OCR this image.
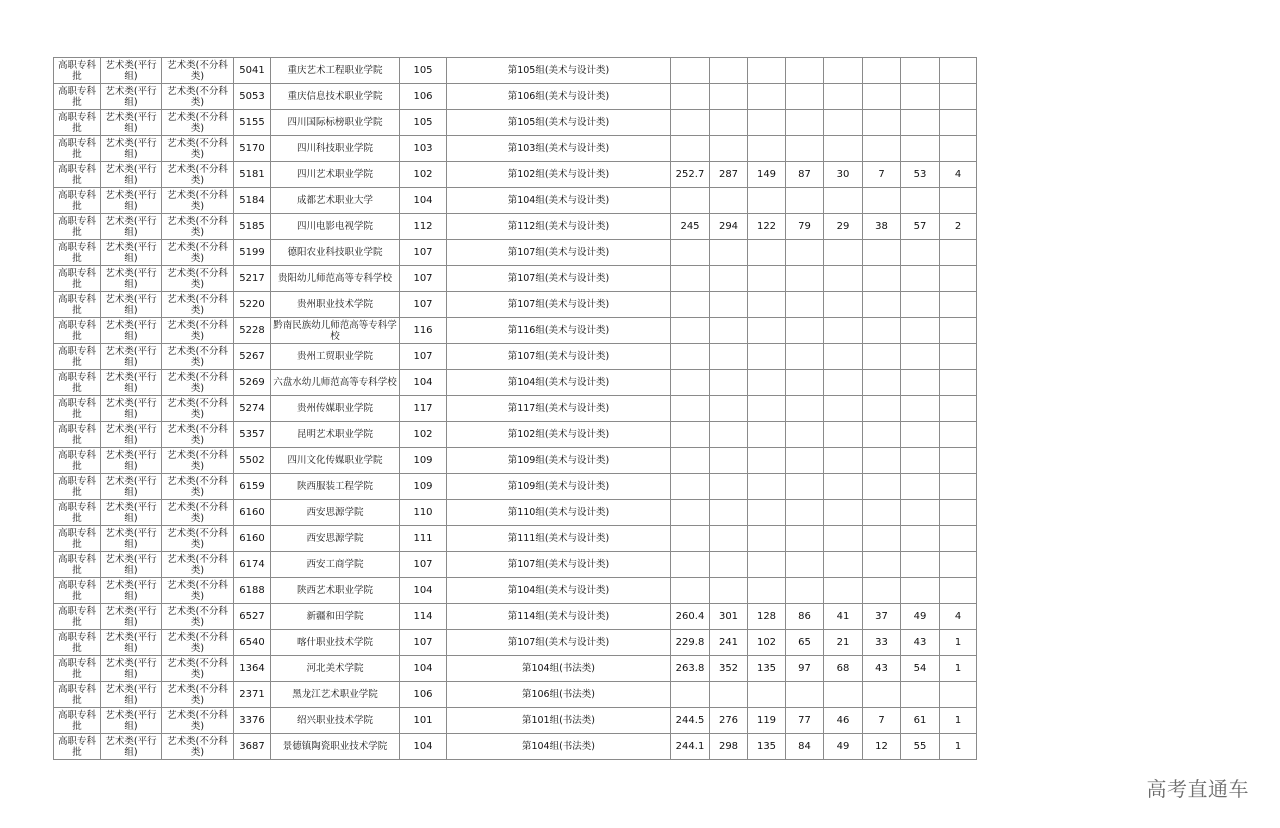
高职专科批	艺术类(平行组)	艺术类(不分科类)	5041	重庆艺术工程职业学院	105	第105组(美术与设计类)								
高职专科批	艺术类(平行组)	艺术类(不分科类)	5053	重庆信息技术职业学院	106	第106组(美术与设计类)								
高职专科批	艺术类(平行组)	艺术类(不分科类)	5155	四川国际标榜职业学院	105	第105组(美术与设计类)								
高职专科批	艺术类(平行组)	艺术类(不分科类)	5170	四川科技职业学院	103	第103组(美术与设计类)								
高职专科批	艺术类(平行组)	艺术类(不分科类)	5181	四川艺术职业学院	102	第102组(美术与设计类)	252.7	287	149	87	30	7	53	4
高职专科批	艺术类(平行组)	艺术类(不分科类)	5184	成都艺术职业大学	104	第104组(美术与设计类)								
高职专科批	艺术类(平行组)	艺术类(不分科类)	5185	四川电影电视学院	112	第112组(美术与设计类)	245	294	122	79	29	38	57	2
高职专科批	艺术类(平行组)	艺术类(不分科类)	5199	德阳农业科技职业学院	107	第107组(美术与设计类)								
高职专科批	艺术类(平行组)	艺术类(不分科类)	5217	贵阳幼儿师范高等专科学校	107	第107组(美术与设计类)								
高职专科批	艺术类(平行组)	艺术类(不分科类)	5220	贵州职业技术学院	107	第107组(美术与设计类)								
高职专科批	艺术类(平行组)	艺术类(不分科类)	5228	黔南民族幼儿师范高等专科学校	116	第116组(美术与设计类)								
高职专科批	艺术类(平行组)	艺术类(不分科类)	5267	贵州工贸职业学院	107	第107组(美术与设计类)								
高职专科批	艺术类(平行组)	艺术类(不分科类)	5269	六盘水幼儿师范高等专科学校	104	第104组(美术与设计类)								
高职专科批	艺术类(平行组)	艺术类(不分科类)	5274	贵州传媒职业学院	117	第117组(美术与设计类)								
高职专科批	艺术类(平行组)	艺术类(不分科类)	5357	昆明艺术职业学院	102	第102组(美术与设计类)								
高职专科批	艺术类(平行组)	艺术类(不分科类)	5502	四川文化传媒职业学院	109	第109组(美术与设计类)								
高职专科批	艺术类(平行组)	艺术类(不分科类)	6159	陕西服装工程学院	109	第109组(美术与设计类)								
高职专科批	艺术类(平行组)	艺术类(不分科类)	6160	西安思源学院	110	第110组(美术与设计类)								
高职专科批	艺术类(平行组)	艺术类(不分科类)	6160	西安思源学院	111	第111组(美术与设计类)								
高职专科批	艺术类(平行组)	艺术类(不分科类)	6174	西安工商学院	107	第107组(美术与设计类)								
高职专科批	艺术类(平行组)	艺术类(不分科类)	6188	陕西艺术职业学院	104	第104组(美术与设计类)								
高职专科批	艺术类(平行组)	艺术类(不分科类)	6527	新疆和田学院	114	第114组(美术与设计类)	260.4	301	128	86	41	37	49	4
高职专科批	艺术类(平行组)	艺术类(不分科类)	6540	喀什职业技术学院	107	第107组(美术与设计类)	229.8	241	102	65	21	33	43	1
高职专科批	艺术类(平行组)	艺术类(不分科类)	1364	河北美术学院	104	第104组(书法类)	263.8	352	135	97	68	43	54	1
高职专科批	艺术类(平行组)	艺术类(不分科类)	2371	黑龙江艺术职业学院	106	第106组(书法类)								
高职专科批	艺术类(平行组)	艺术类(不分科类)	3376	绍兴职业技术学院	101	第101组(书法类)	244.5	276	119	77	46	7	61	1
高职专科批	艺术类(平行组)	艺术类(不分科类)	3687	景德镇陶瓷职业技术学院	104	第104组(书法类)	244.1	298	135	84	49	12	55	1
高考直通车
